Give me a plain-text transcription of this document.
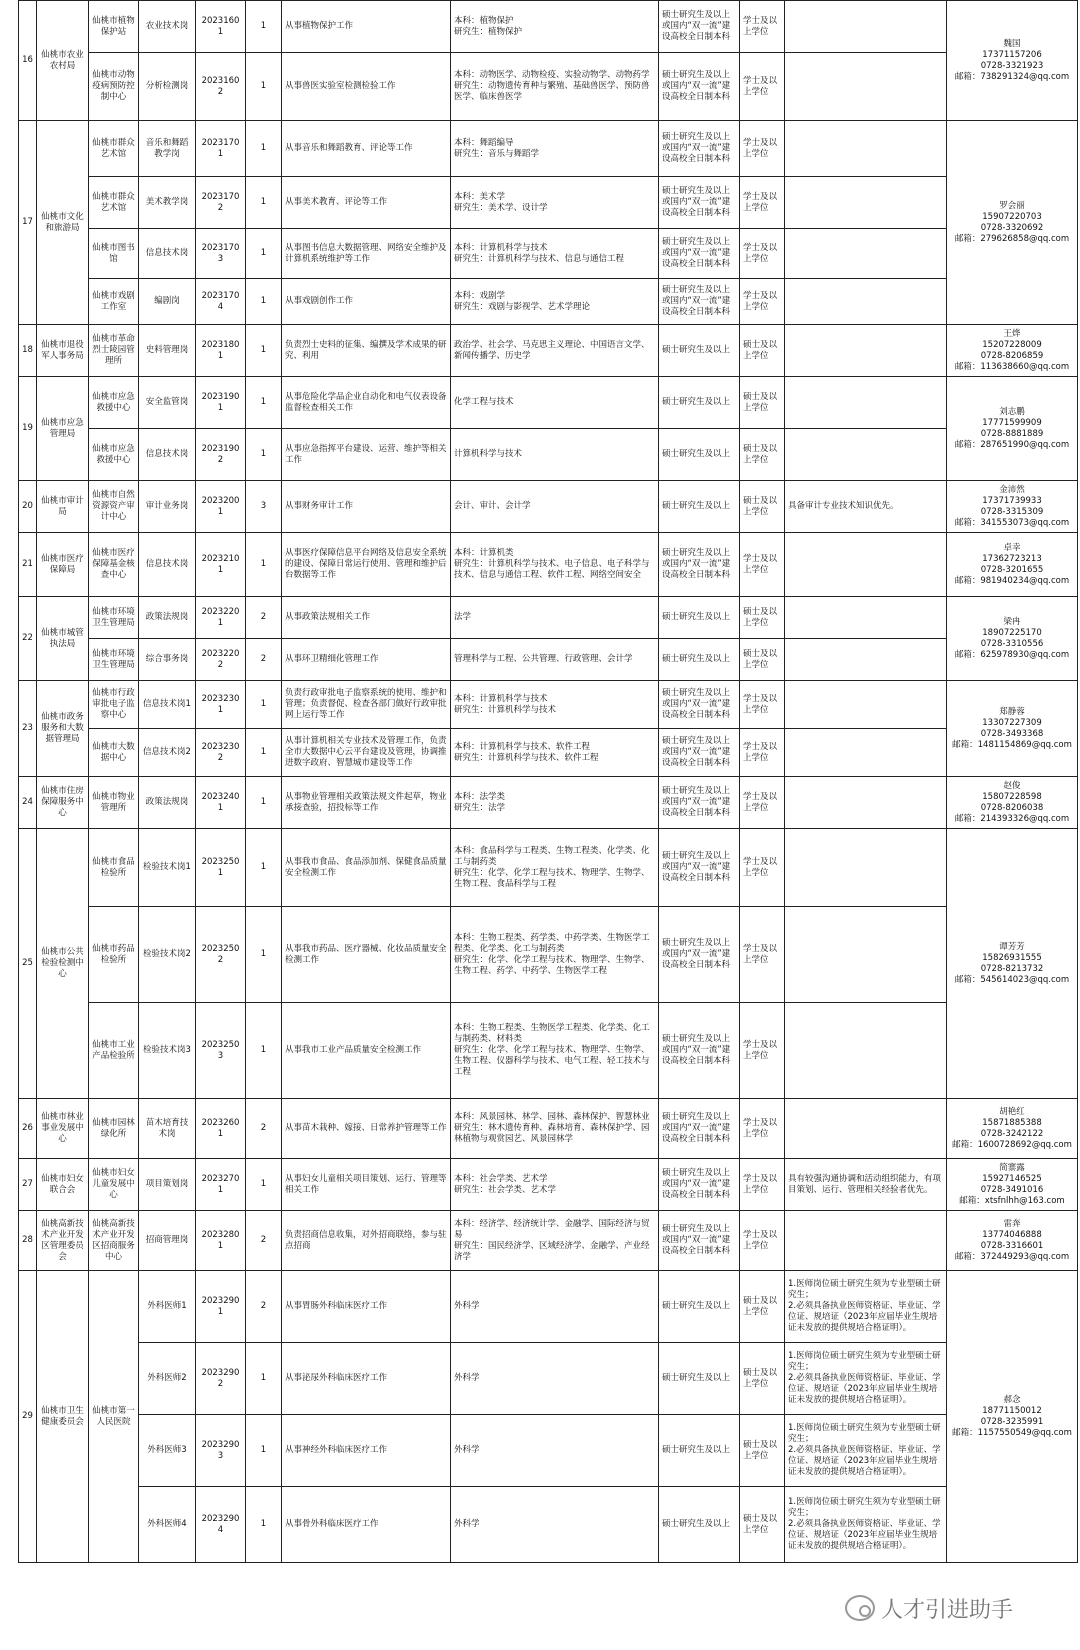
16	仙桃市农业农村局	仙桃市植物保护站	农业技术岗	20231601	1	从事植物保护工作	本科：植物保护
研究生：植物保护	硕士研究生及以上或国内“双一流”建设高校全日制本科	学士及以上学位		魏国
17371157206
0728-3321923
邮箱：738291324@qq.com

		仙桃市动物疫病预防控制中心	分析检测岗	20231602	1	从事兽医实验室检测检验工作	本科：动物医学、动物检疫、实验动物学、动物药学
研究生：动物遗传育种与繁殖、基础兽医学、预防兽医学、临床兽医学	硕士研究生及以上或国内“双一流”建设高校全日制本科	学士及以上学位		

17	仙桃市文化和旅游局	仙桃市群众艺术馆	音乐和舞蹈教学岗	20231701	1	从事音乐和舞蹈教育、评论等工作	本科：舞蹈编导
研究生：音乐与舞蹈学	硕士研究生及以上或国内“双一流”建设高校全日制本科	学士及以上学位		罗会丽
15907220703
0728-3320692
邮箱：279626858@qq.com

		仙桃市群众艺术馆	美术教学岗	20231702	1	从事美术教育、评论等工作	本科：美术学
研究生：美术学、设计学	硕士研究生及以上或国内“双一流”建设高校全日制本科	学士及以上学位		

		仙桃市图书馆	信息技术岗	20231703	1	从事图书信息大数据管理、网络安全维护及计算机系统维护等工作	本科：计算机科学与技术
研究生：计算机科学与技术、信息与通信工程	硕士研究生及以上或国内“双一流”建设高校全日制本科	学士及以上学位		

		仙桃市戏剧工作室	编剧岗	20231704	1	从事戏剧创作工作	本科：戏剧学
研究生：戏剧与影视学、艺术学理论	硕士研究生及以上或国内“双一流”建设高校全日制本科	学士及以上学位		

18	仙桃市退役军人事务局	仙桃市革命烈士陵园管理所	史料管理岗	20231801	1	负责烈士史料的征集、编撰及学术成果的研究、利用	政治学、社会学、马克思主义理论、中国语言文学、新闻传播学、历史学	硕士研究生及以上	硕士及以上学位		王烨
15207228009
0728-8206859
邮箱：113638660@qq.com

19	仙桃市应急管理局	仙桃市应急救援中心	安全监管岗	20231901	1	从事危险化学品企业自动化和电气仪表设备监督检查相关工作	化学工程与技术	硕士研究生及以上	硕士及以上学位		刘志鹏
17771599909
0728-8881889
邮箱：287651990@qq.com

		仙桃市应急救援中心	信息技术岗	20231902	1	从事应急指挥平台建设、运营、维护等相关工作	计算机科学与技术	硕士研究生及以上	硕士及以上学位		

20	仙桃市审计局	仙桃市自然资源资产审计中心	审计业务岗	20232001	3	从事财务审计工作	会计、审计、会计学	硕士研究生及以上	硕士及以上学位	具备审计专业技术知识优先。	金沛然
17371739933
0728-3315309
邮箱：341553073@qq.com

21	仙桃市医疗保障局	仙桃市医疗保障基金核查中心	信息技术岗	20232101	1	从事医疗保障信息平台网络及信息安全系统的建设、保障日常运行使用、管理和维护后台数据等工作	本科：计算机类
研究生：计算机科学与技术、电子信息、电子科学与技术、信息与通信工程、软件工程、网络空间安全	硕士研究生及以上或国内“双一流”建设高校全日制本科	学士及以上学位		卓幸
17362723213
0728-3201655
邮箱：981940234@qq.com

22	仙桃市城管执法局	仙桃市环境卫生管理局	政策法规岗	20232201	2	从事政策法规相关工作	法学	硕士研究生及以上	硕士及以上学位		梁冉
18907225170
0728-3310556
邮箱：625978930@qq.com

		仙桃市环境卫生管理局	综合事务岗	20232202	2	从事环卫精细化管理工作	管理科学与工程、公共管理、行政管理、会计学	硕士研究生及以上	硕士及以上学位		

23	仙桃市政务服务和大数据管理局	仙桃市行政审批电子监察中心	信息技术岗1	20232301	1	负责行政审批电子监察系统的使用、维护和管理；负责督促、检查各部门做好行政审批网上运行等工作	本科：计算机科学与技术
研究生：计算机科学与技术	硕士研究生及以上或国内“双一流”建设高校全日制本科	学士及以上学位		郑静蓉
13307227309
0728-3493368
邮箱：1481154869@qq.com

		仙桃市大数据中心	信息技术岗2	20232302	1	从事计算机相关专业技术及管理工作，负责全市大数据中心云平台建设及管理，协调推进数字政府、智慧城市建设等工作	本科：计算机科学与技术、软件工程
研究生：计算机科学与技术、软件工程	硕士研究生及以上或国内“双一流”建设高校全日制本科	学士及以上学位		

24	仙桃市住房保障服务中心	仙桃市物业管理所	政策法规岗	20232401	1	从事物业管理相关政策法规文件起草，物业承接查验，招投标等工作	本科：法学类
研究生：法学	硕士研究生及以上或国内“双一流”建设高校全日制本科	学士及以上学位		赵俊
15807228598
0728-8206038
邮箱：214393326@qq.com

25	仙桃市公共检验检测中心	仙桃市食品检验所	检验技术岗1	20232501	1	从事我市食品、食品添加剂、保健食品质量安全检测工作	本科：食品科学与工程类、生物工程类、化学类、化工与制药类
研究生：化学、化学工程与技术、物理学、生物学、生物工程、食品科学与工程	硕士研究生及以上或国内“双一流”建设高校全日制本科	学士及以上学位		谭芳芳
15826931555
0728-8213732
邮箱：545614023@qq.com

		仙桃市药品检验所	检验技术岗2	20232502	1	从事我市药品、医疗器械、化妆品质量安全检测工作	本科：生物工程类、药学类、中药学类、生物医学工程类、化学类、化工与制药类
研究生：化学、化学工程与技术、物理学、生物学、生物工程、药学、中药学、生物医学工程	硕士研究生及以上或国内“双一流”建设高校全日制本科	学士及以上学位		

		仙桃市工业产品检验所	检验技术岗3	20232503	1	从事我市工业产品质量安全检测工作	本科：生物工程类、生物医学工程类、化学类、化工与制药类、材料类
研究生：化学、化学工程与技术、物理学、生物学、生物工程、仪器科学与技术、电气工程、轻工技术与工程	硕士研究生及以上或国内“双一流”建设高校全日制本科	学士及以上学位		

26	仙桃市林业事业发展中心	仙桃市园林绿化所	苗木培育技术岗	20232601	2	从事苗木栽种、嫁接、日常养护管理等工作	本科：风景园林、林学、园林、森林保护、智慧林业
研究生：林木遗传育种、森林培育、森林保护学、园林植物与观赏园艺、风景园林学	硕士研究生及以上或国内“双一流”建设高校全日制本科	学士及以上学位		胡艳红
15871885388
0728-3242122
邮箱：1600728692@qq.com

27	仙桃市妇女联合会	仙桃市妇女儿童发展中心	项目策划岗	20232701	1	从事妇女儿童相关项目策划、运行、管理等相关工作	本科：社会学类、艺术学
研究生：社会学类、艺术学	硕士研究生及以上或国内“双一流”建设高校全日制本科	学士及以上学位	具有较强沟通协调和活动组织能力，有项目策划、运行、管理相关经验者优先。	简寨露
15927146525
0728-3491016
邮箱：xtsfnlhh@163.com

28	仙桃高新技术产业开发区管理委员会	仙桃高新技术产业开发区招商服务中心	招商管理岗	20232801	2	负责招商信息收集，对外招商联络，参与驻点招商	本科：经济学、经济统计学、金融学、国际经济与贸易
研究生：国民经济学、区域经济学、金融学、产业经济学	硕士研究生及以上或国内“双一流”建设高校全日制本科	学士及以上学位		雷奔
13774046888
0728-3316601
邮箱：372449293@qq.com

29	仙桃市卫生健康委员会	仙桃市第一人民医院	外科医师1	20232901	2	从事胃肠外科临床医疗工作	外科学	硕士研究生及以上	硕士及以上学位	1.医师岗位硕士研究生须为专业型硕士研究生；
2.必须具备执业医师资格证、毕业证、学位证、规培证（2023年应届毕业生规培证未发放的提供规培合格证明）。	郝念
18771150012
0728-3235991
邮箱：1157550549@qq.com

			外科医师2	20232902	1	从事泌尿外科临床医疗工作	外科学	硕士研究生及以上	硕士及以上学位	1.医师岗位硕士研究生须为专业型硕士研究生；
2.必须具备执业医师资格证、毕业证、学位证、规培证（2023年应届毕业生规培证未发放的提供规培合格证明）。	

			外科医师3	20232903	1	从事神经外科临床医疗工作	外科学	硕士研究生及以上	硕士及以上学位	1.医师岗位硕士研究生须为专业型硕士研究生；
2.必须具备执业医师资格证、毕业证、学位证、规培证（2023年应届毕业生规培证未发放的提供规培合格证明）。	

			外科医师4	20232904	1	从事骨外科临床医疗工作	外科学	硕士研究生及以上	硕士及以上学位	1.医师岗位硕士研究生须为专业型硕士研究生；
2.必须具备执业医师资格证、毕业证、学位证、规培证（2023年应届毕业生规培证未发放的提供规培合格证明）。	
人才引进助手
